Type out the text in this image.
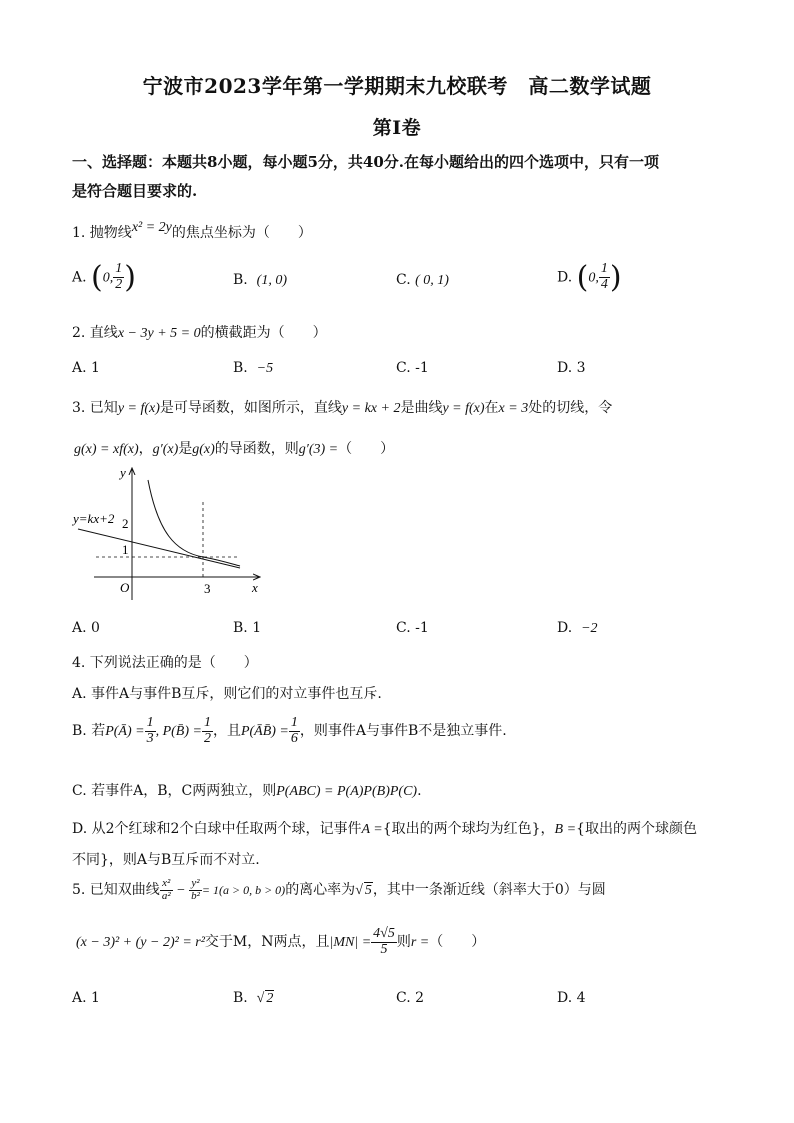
宁波市2023学年第一学期期末九校联考　高二数学试题
第I卷
一、选择题：本题共8小题，每小题5分，共40分.在每小题给出的四个选项中，只有一项
是符合题目要求的.
1. 抛物线x² = 2y的焦点坐标为（　　）
A. (0, $\frac{1}{2}$ )	B. (1, 0)	C. ( 0, 1)	D. (0, $\frac{1}{4}$ )
2. 直线x − 3y + 5 = 0的横截距为（　　）
A. 1	B. −5	C. -1	D. 3
3. 已知y = f(x)是可导函数，如图所示，直线y = kx + 2是曲线y = f(x)在x = 3处的切线，令
g(x) = xf(x)，g′(x)是g(x)的导函数，则g′(3) =（　　）
y=kx+2
y
x
O
2
1
3
A. 0	B. 1	C. -1	D. −2
4. 下列说法正确的是（　　）
A. 事件A与事件B互斥，则它们的对立事件也互斥.
B. 若P(Ā) = $\frac{1}{3}$ , P(B̄) = $\frac{1}{2}$ ，且P(ĀB̄) = $\frac{1}{6}$ ，则事件A与事件B不是独立事件.
C. 若事件A，B，C两两独立，则P(ABC) = P(A)P(B)P(C).
D. 从2个红球和2个白球中任取两个球，记事件A ={取出的两个球均为红色}，B ={取出的两个球颜色
不同}，则A与B互斥而不对立.
5. 已知双曲线 $\frac{\text{x²}}{\text{a²}} - \frac{\text{y²}}{\text{b²}} = 1(a > 0$, b > 0)的离心率为√ 5，其中一条渐近线（斜率大于0）与圆
(x − 3)² + (y − 2)² = r²交于M，N两点，且$|MN| = \frac{4√5}{5}$ 则r =（　　）
A. 1	B. √ 2	C. 2	D. 4
